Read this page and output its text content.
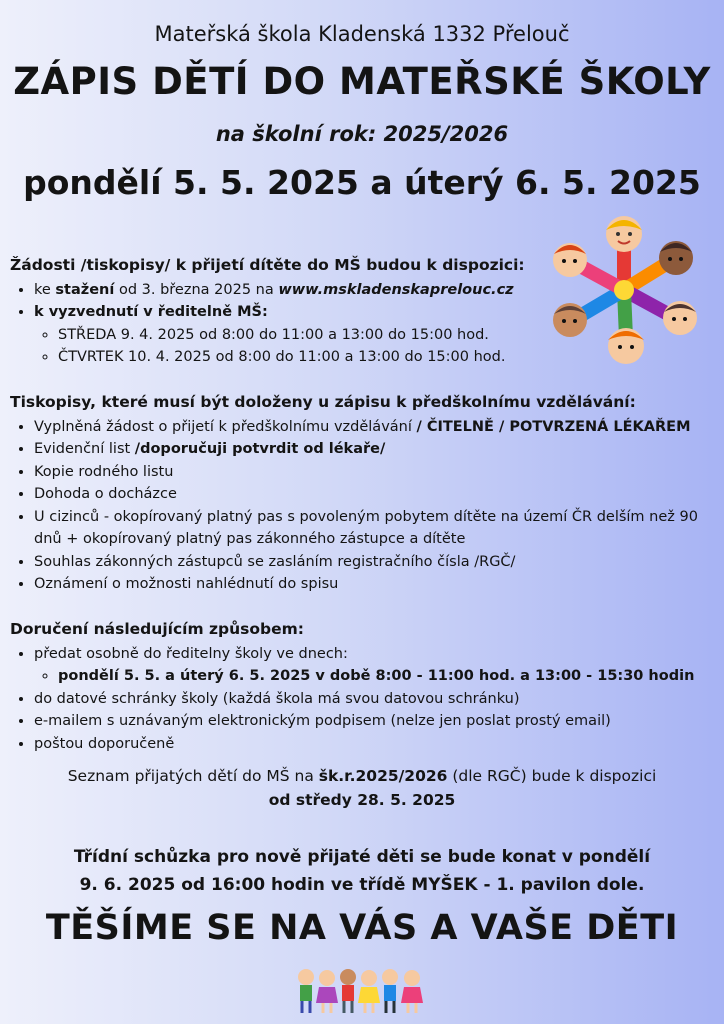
Mateřská škola Kladenská 1332 Přelouč
ZÁPIS DĚTÍ DO MATEŘSKÉ ŠKOLY
na školní rok: 2025/2026
pondělí 5. 5. 2025 a úterý 6. 5. 2025
Žádosti /tiskopisy/ k přijetí dítěte do MŠ budou k dispozici:
• ke stažení od 3. března 2025 na www.mskladenskaprelouc.cz
• k vyzvednutí v ředitelně MŠ:
◦ STŘEDA 9. 4. 2025 od 8:00 do 11:00 a 13:00 do 15:00 hod.
◦ ČTVRTEK 10. 4. 2025 od 8:00 do 11:00 a 13:00 do 15:00 hod.
Tiskopisy, které musí být doloženy u zápisu k předškolnímu vzdělávání:
• Vyplněná žádost o přijetí k předškolnímu vzdělávání / ČITELNĚ / POTVRZENÁ LÉKAŘEM
• Evidenční list /doporučuji potvrdit od lékaře/
• Kopie rodného listu
• Dohoda o docházce
• U cizinců - okopírovaný platný pas s povoleným pobytem dítěte na území ČR delším než 90 dnů + okopírovaný platný pas zákonného zástupce a dítěte
• Souhlas zákonných zástupců se zasláním registračního čísla /RGČ/
• Oznámení o možnosti nahlédnutí do spisu
Doručení následujícím způsobem:
• předat osobně do ředitelny školy ve dnech:
◦ pondělí 5. 5. a úterý 6. 5. 2025 v době 8:00 - 11:00 hod. a 13:00 - 15:30 hodin
• do datové schránky školy (každá škola má svou datovou schránku)
• e-mailem s uznávaným elektronickým podpisem (nelze jen poslat prostý email)
• poštou doporučeně
Seznam přijatých dětí do MŠ na šk.r.2025/2026 (dle RGČ) bude k dispozici
od středy 28. 5. 2025
Třídní schůzka pro nově přijaté děti se bude konat v pondělí
9. 6. 2025 od 16:00 hodin ve třídě MYŠEK - 1. pavilon dole.
TĚŠÍME SE NA VÁS A VAŠE DĚTI
